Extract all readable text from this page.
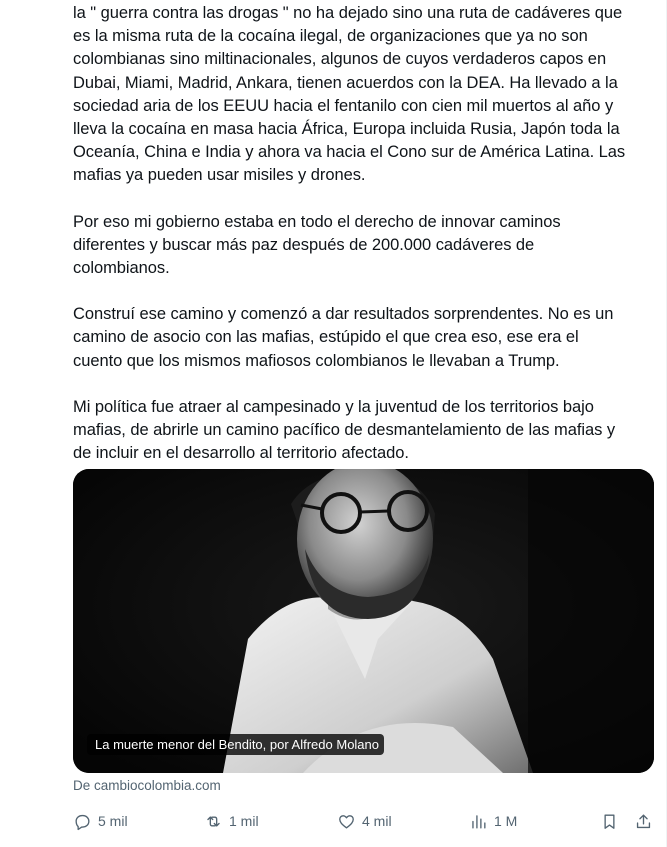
la " guerra contra las drogas " no ha dejado sino una ruta de cadáveres que
es la misma ruta de la cocaína ilegal, de organizaciones que ya no son
colombianas sino miltinacionales, algunos de cuyos verdaderos capos en
Dubai, Miami, Madrid, Ankara, tienen acuerdos con la DEA. Ha llevado a la
sociedad aria de los EEUU hacia el fentanilo con cien mil muertos al año y
lleva la cocaína en masa hacia África, Europa incluida Rusia, Japón toda la
Oceanía, China e India y ahora va hacia el Cono sur de América Latina. Las
mafias ya pueden usar misiles y drones.

Por eso mi gobierno estaba en todo el derecho de innovar caminos
diferentes y buscar más paz después de 200.000 cadáveres de
colombianos.

Construí ese camino y comenzó a dar resultados sorprendentes. No es un
camino de asocio con las mafias, estúpido el que crea eso, ese era el
cuento que los mismos mafiosos colombianos le llevaban a Trump.

Mi política fue atraer al campesinado y la juventud de los territorios bajo
mafias, de abrirle un camino pacífico de desmantelamiento de las mafias y
de incluir en el desarrollo al territorio afectado.

La muerte menor del Bendito, por Alfredo Molano
De cambiocolombia.com
5 mil	1 mil	4 mil	1 M
